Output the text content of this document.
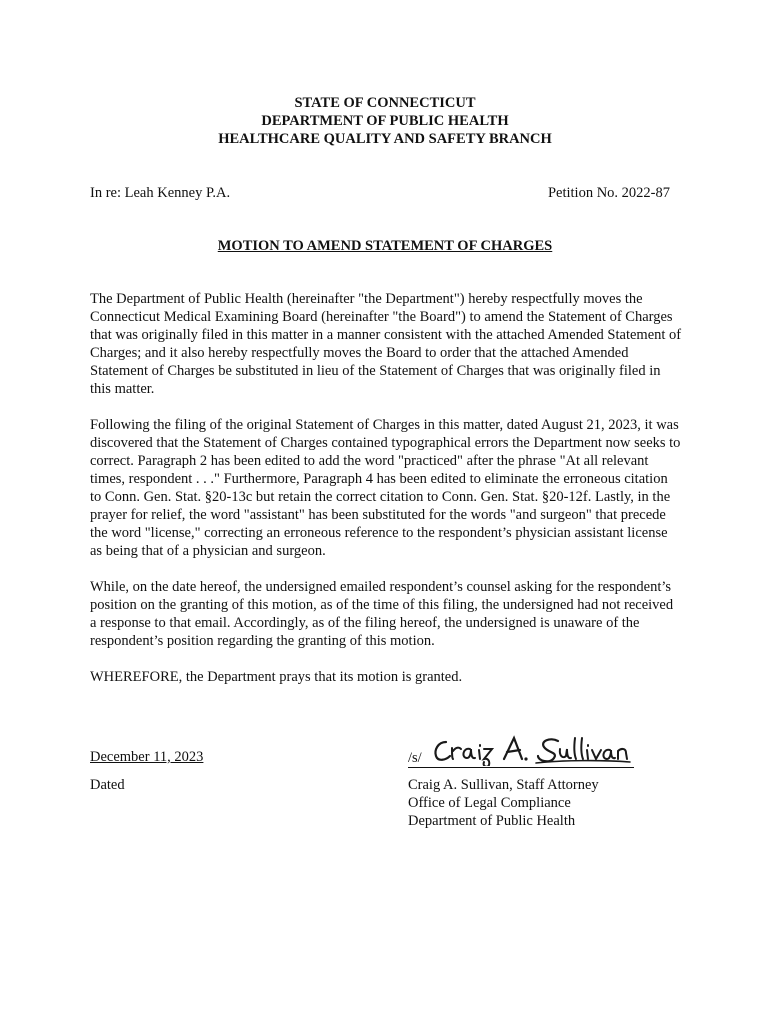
STATE OF CONNECTICUT
DEPARTMENT OF PUBLIC HEALTH
HEALTHCARE QUALITY AND SAFETY BRANCH
In re: Leah Kenney P.A.	Petition No. 2022-87
MOTION TO AMEND STATEMENT OF CHARGES

The Department of Public Health (hereinafter "the Department") hereby respectfully moves the Connecticut Medical Examining Board (hereinafter "the Board") to amend the Statement of Charges that was originally filed in this matter in a manner consistent with the attached Amended Statement of Charges; and it also hereby respectfully moves the Board to order that the attached Amended Statement of Charges be substituted in lieu of the Statement of Charges that was originally filed in this matter.

Following the filing of the original Statement of Charges in this matter, dated August 21, 2023, it was discovered that the Statement of Charges contained typographical errors the Department now seeks to correct. Paragraph 2 has been edited to add the word "practiced" after the phrase "At all relevant times, respondent . . ." Furthermore, Paragraph 4 has been edited to eliminate the erroneous citation to Conn. Gen. Stat. §20-13c but retain the correct citation to Conn. Gen. Stat. §20-12f. Lastly, in the prayer for relief, the word "assistant" has been substituted for the words "and surgeon" that precede the word "license," correcting an erroneous reference to the respondent’s physician assistant license as being that of a physician and surgeon.

While, on the date hereof, the undersigned emailed respondent’s counsel asking for the respondent’s position on the granting of this motion, as of the time of this filing, the undersigned had not received a response to that email. Accordingly, as of the filing hereof, the undersigned is unaware of the respondent’s position regarding the granting of this motion.

WHEREFORE, the Department prays that its motion is granted.

December 11, 2023
Dated
/s/
Craig A. Sullivan, Staff Attorney
Office of Legal Compliance
Department of Public Health
